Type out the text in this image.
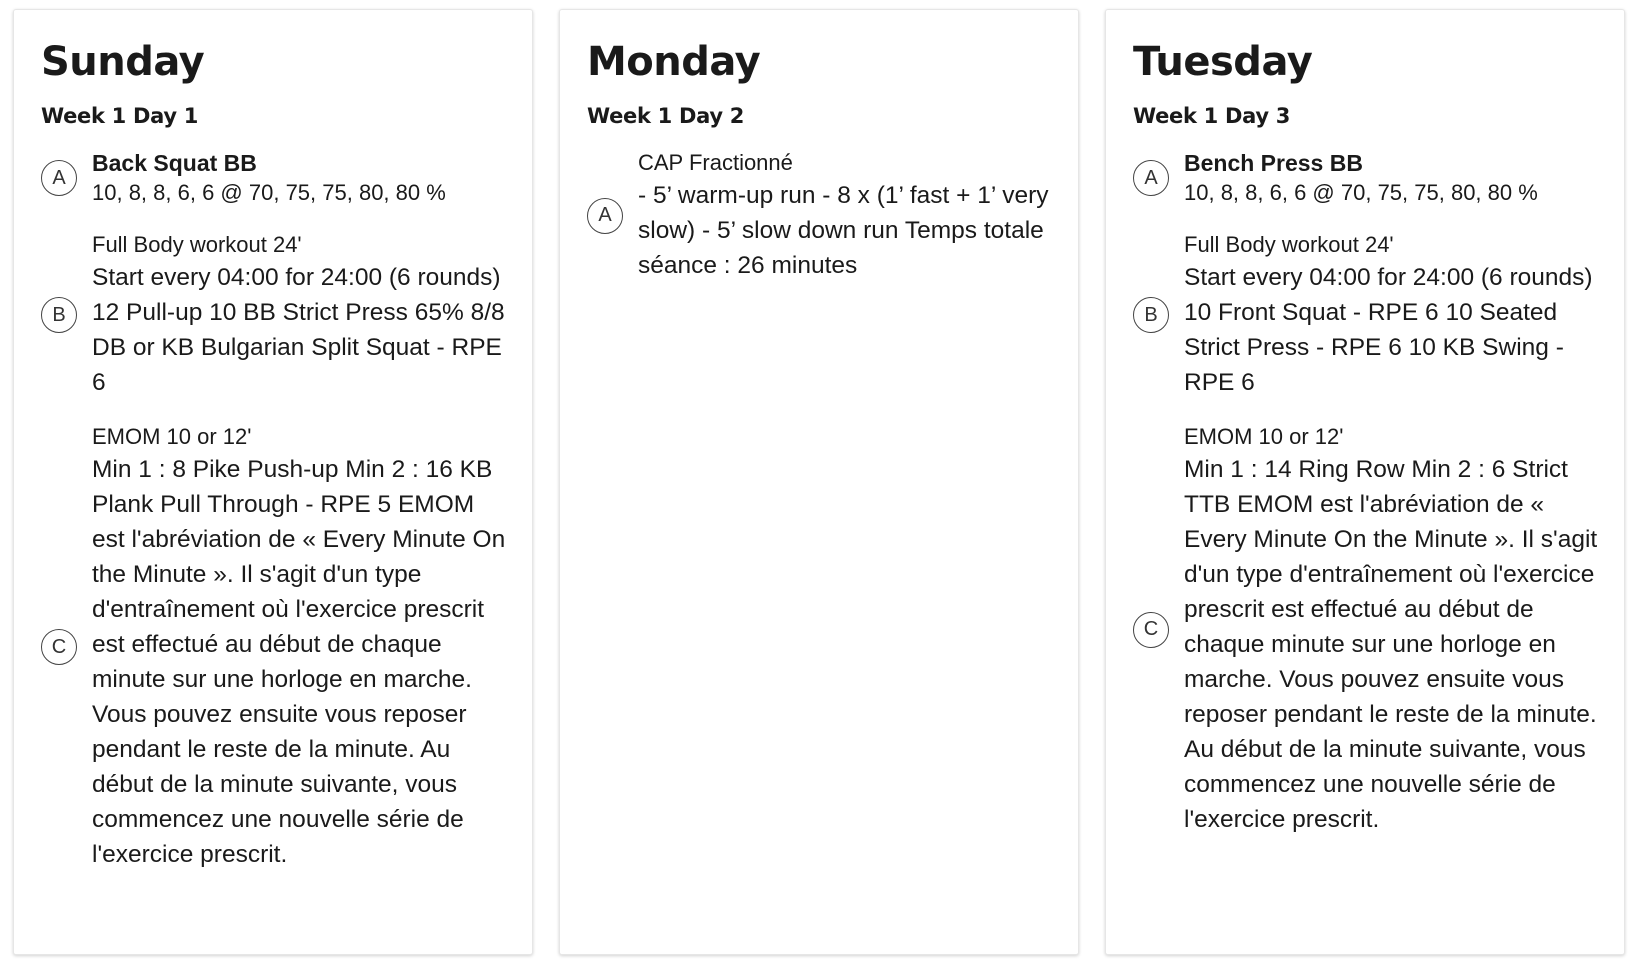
Sunday
Week 1 Day 1
A
Back Squat BB
10, 8, 8, 6, 6 @ 70, 75, 75, 80, 80 %
B
Full Body workout 24'
Start every 04:00 for 24:00 (6 rounds) 12 Pull-up 10 BB Strict Press 65% 8/8 DB or KB Bulgarian Split Squat - RPE 6
C
EMOM 10 or 12'
Min 1 : 8 Pike Push-up Min 2 : 16 KB Plank Pull Through - RPE 5 EMOM est l'abréviation de « Every Minute On the Minute ». Il s'agit d'un type d'entraînement où l'exercice prescrit est effectué au début de chaque minute sur une horloge en marche. Vous pouvez ensuite vous reposer pendant le reste de la minute. Au début de la minute suivante, vous commencez une nouvelle série de l'exercice prescrit.
Monday
Week 1 Day 2
A
CAP Fractionné
- 5’ warm-up run - 8 x (1’ fast + 1’ very slow) - 5’ slow down run Temps totale séance : 26 minutes
Tuesday
Week 1 Day 3
A
Bench Press BB
10, 8, 8, 6, 6 @ 70, 75, 75, 80, 80 %
B
Full Body workout 24'
Start every 04:00 for 24:00 (6 rounds) 10 Front Squat - RPE 6 10 Seated Strict Press - RPE 6 10 KB Swing - RPE 6
C
EMOM 10 or 12'
Min 1 : 14 Ring Row Min 2 : 6 Strict TTB EMOM est l'abréviation de « Every Minute On the Minute ». Il s'agit d'un type d'entraînement où l'exercice prescrit est effectué au début de chaque minute sur une horloge en marche. Vous pouvez ensuite vous reposer pendant le reste de la minute. Au début de la minute suivante, vous commencez une nouvelle série de l'exercice prescrit.
